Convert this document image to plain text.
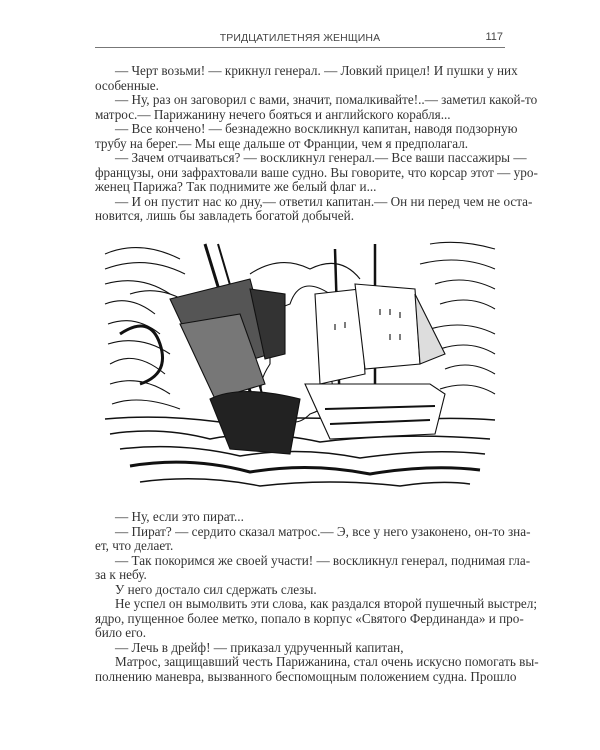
ТРИДЦАТИЛЕТНЯЯ ЖЕНЩИНА	117
— Черт возьми! — крикнул генерал. — Ловкий прицел! И пушки у них
особенные.
— Ну, раз он заговорил с вами, значит, помалкивайте!..— заметил какой-то
матрос.— Парижанину нечего бояться и английского корабля...
— Все кончено! — безнадежно воскликнул капитан, наводя подзорную
трубу на берег.— Мы еще дальше от Франции, чем я предполагал.
— Зачем отчаиваться? — воскликнул генерал.— Все ваши пассажиры —
французы, они зафрахтовали ваше судно. Вы говорите, что корсар этот — уро-
женец Парижа? Так поднимите же белый флаг и...
— И он пустит нас ко дну,— ответил капитан.— Он ни перед чем не оста-
новится, лишь бы завладеть богатой добычей.
— Ну, если это пират...
— Пират? — сердито сказал матрос.— Э, все у него узаконено, он-то зна-
ет, что делает.
— Так покоримся же своей участи! — воскликнул генерал, поднимая гла-
за к небу.
У него достало сил сдержать слезы.
Не успел он вымолвить эти слова, как раздался второй пушечный выстрел;
ядро, пущенное более метко, попало в корпус «Святого Фердинанда» и про-
било его.
— Лечь в дрейф! — приказал удрученный капитан,
Матрос, защищавший честь Парижанина, стал очень искусно помогать вы-
полнению маневра, вызванного беспомощным положением судна. Прошло
